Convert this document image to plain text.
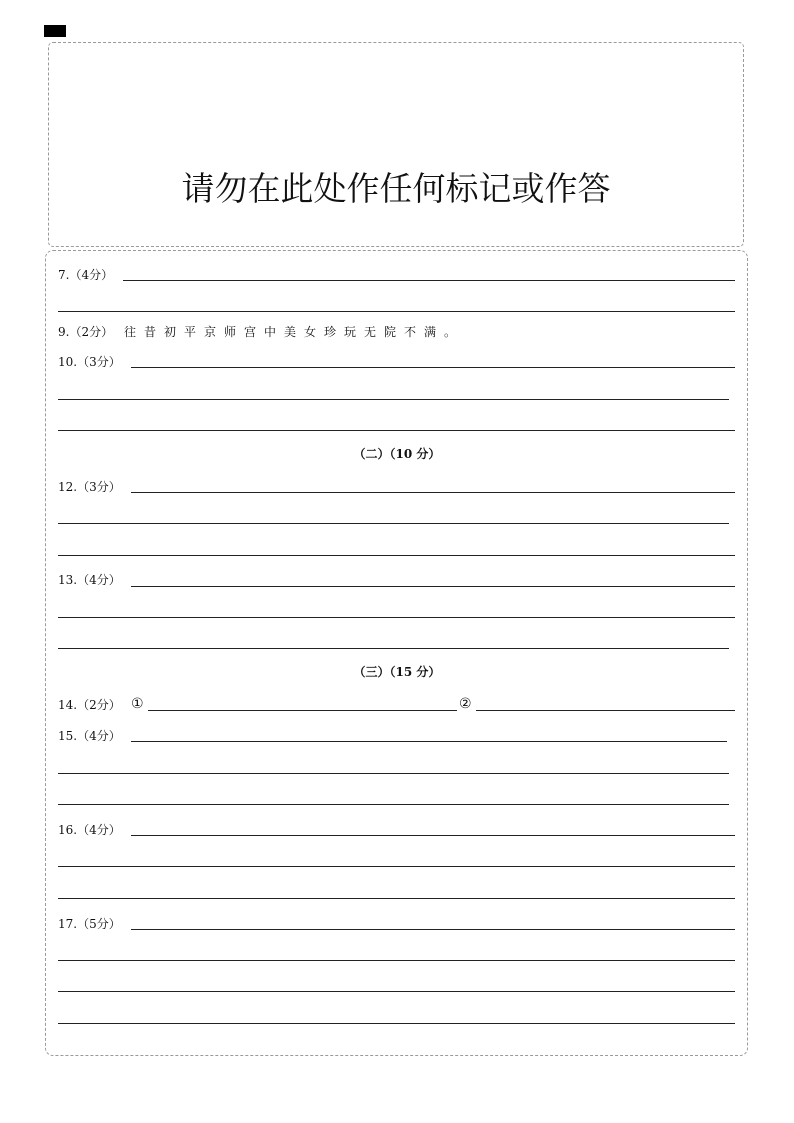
请勿在此处作任何标记或作答
7.（4分）
9.（2分） 往昔初平京师宫中美女珍玩无院不满。
10.（3分）
（二）（10 分）
12.（3分）
13.（4分）
（三）（15 分）
14.（2分） ①	②
15.（4分）
16.（4分）
17.（5分）
